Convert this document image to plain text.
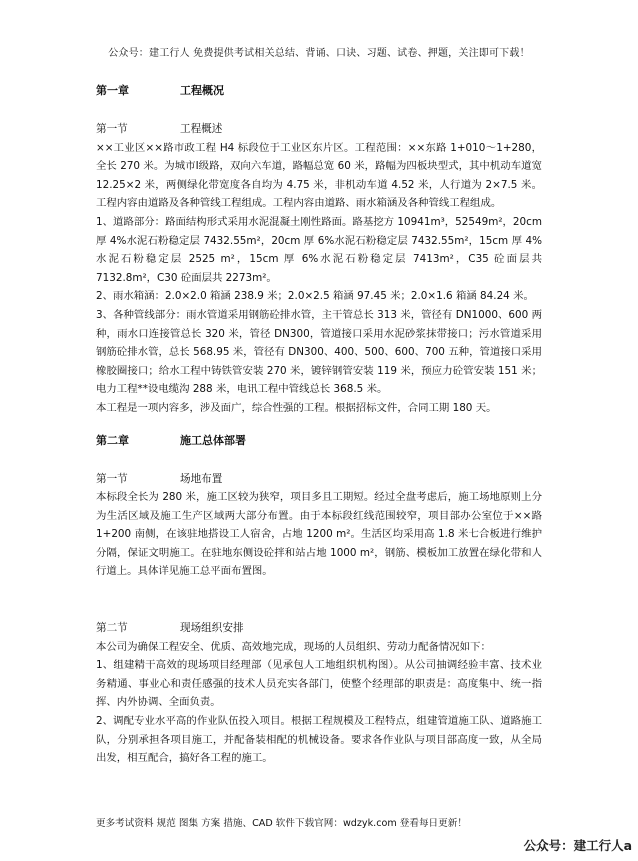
公众号：建工行人 免费提供考试相关总结、背诵、口诀、习题、试卷、押题，关注即可下载！

第一章	工程概况

第一节	工程概述

××工业区××路市政工程 H4 标段位于工业区东片区。工程范围：××东路 1+010～1+280，全长 270 米。为城市Ⅰ级路，双向六车道，路幅总宽 60 米，路幅为四板块型式，其中机动车道宽 12.25×2 米，两侧绿化带宽度各自均为 4.75 米，非机动车道 4.52 米，人行道为 2×7.5 米。工程内容由道路及各种管线工程组成。工程内容由道路、雨水箱涵及各种管线工程组成。

1、道路部分：路面结构形式采用水泥混凝土刚性路面。路基挖方 10941m³，52549m²，20cm 厚 4%水泥石粉稳定层 7432.55m²，20cm 厚 6%水泥石粉稳定层 7432.55m²，15cm 厚 4%水泥石粉稳定层 2525 m²，15cm 厚 6%水泥石粉稳定层 7413m²，C35 砼面层共 7132.8m²，C30 砼面层共 2273m²。

2、雨水箱涵：2.0×2.0 箱涵 238.9 米；2.0×2.5 箱涵 97.45 米；2.0×1.6 箱涵 84.24 米。

3、各种管线部分：雨水管道采用钢筋砼排水管，主干管总长 313 米，管径有 DN1000、600 两种，雨水口连接管总长 320 米，管径 DN300，管道接口采用水泥砂浆抹带接口；污水管道采用钢筋砼排水管，总长 568.95 米，管径有 DN300、400、500、600、700 五种，管道接口采用橡胶圈接口；给水工程中铸铁管安装 270 米，镀锌钢管安装 119 米，预应力砼管安装 151 米；电力工程**设电缆沟 288 米，电讯工程中管线总长 368.5 米。

本工程是一项内容多，涉及面广，综合性强的工程。根据招标文件，合同工期 180 天。

第二章	施工总体部署

第一节	场地布置

本标段全长为 280 米，施工区较为狭窄，项目多且工期短。经过全盘考虑后，施工场地原则上分为生活区域及施工生产区域两大部分布置。由于本标段红线范围较窄，项目部办公室位于××路 1+200 南侧，在该驻地搭设工人宿舍，占地 1200 m²。生活区均采用高 1.8 米七合板进行维护分隔，保证文明施工。在驻地东侧设砼拌和站占地 1000 m²，钢筋、模板加工放置在绿化带和人行道上。具体详见施工总平面布置图。

第二节	现场组织安排

本公司为确保工程安全、优质、高效地完成，现场的人员组织、劳动力配备情况如下：

1、组建精干高效的现场项目经理部（见承包人工地组织机构图）。从公司抽调经验丰富、技术业务精通、事业心和责任感强的技术人员充实各部门，使整个经理部的职责是：高度集中、统一指挥、内外协调、全面负责。

2、调配专业水平高的作业队伍投入项目。根据工程规模及工程特点，组建管道施工队、道路施工队，分别承担各项目施工，并配备装相配的机械设备。要求各作业队与项目部高度一致，从全局出发，相互配合，搞好各工程的施工。

更多考试资料 规范 图集 方案 措施、CAD 软件下载官网：wdzyk.com 登看每日更新！
公众号：建工行人a
